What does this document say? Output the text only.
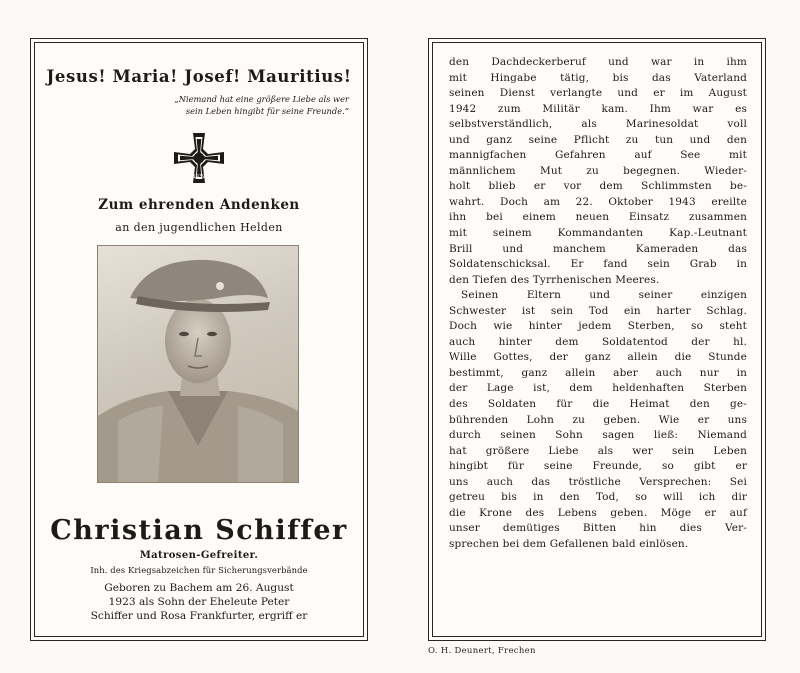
Jesus! Maria! Josef! Mauritius!
„Niemand hat eine größere Liebe als wer
sein Leben hingibt für seine Freunde.“
1939
Zum ehrenden Andenken
an den jugendlichen Helden
Christian Schiffer
Matrosen-Gefreiter.
Inh. des Kriegsabzeichen für Sicherungsverbände
Geboren zu Bachem am 26. August
1923 als Sohn der Eheleute Peter
Schiffer und Rosa Frankfurter, ergriff er
den Dachdeckerberuf und war in ihm
mit Hingabe tätig, bis das Vaterland
seinen Dienst verlangte und er im August
1942 zum Militär kam. Ihm war es
selbstverständlich, als Marinesoldat voll
und ganz seine Pflicht zu tun und den
mannigfachen Gefahren auf See mit
männlichem Mut zu begegnen. Wieder-
holt blieb er vor dem Schlimmsten be-
wahrt. Doch am 22. Oktober 1943 ereilte
ihn bei einem neuen Einsatz zusammen
mit seinem Kommandanten Kap.-Leutnant
Brill und manchem Kameraden das
Soldatenschicksal. Er fand sein Grab in
den Tiefen des Tyrrhenischen Meeres.
Seinen Eltern und seiner einzigen
Schwester ist sein Tod ein harter Schlag.
Doch wie hinter jedem Sterben, so steht
auch hinter dem Soldatentod der hl.
Wille Gottes, der ganz allein die Stunde
bestimmt, ganz allein aber auch nur in
der Lage ist, dem heldenhaften Sterben
des Soldaten für die Heimat den ge-
bührenden Lohn zu geben. Wie er uns
durch seinen Sohn sagen ließ: Niemand
hat größere Liebe als wer sein Leben
hingibt für seine Freunde, so gibt er
uns auch das tröstliche Versprechen: Sei
getreu bis in den Tod, so will ich dir
die Krone des Lebens geben. Möge er auf
unser demütiges Bitten hin dies Ver-
sprechen bei dem Gefallenen bald einlösen.
O. H. Deunert, Frechen
